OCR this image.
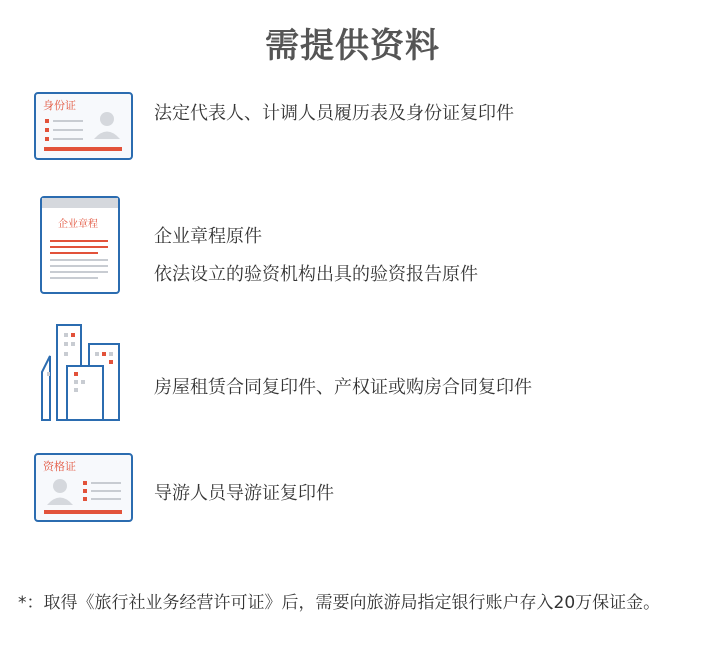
需提供资料
身份证	法定代表人、计调人员履历表及身份证复印件
企业章程
企业章程原件
依法设立的验资机构出具的验资报告原件
房屋租赁合同复印件、产权证或购房合同复印件
资格证
导游人员导游证复印件
*：取得《旅行社业务经营许可证》后，需要向旅游局指定银行账户存入20万保证金。
